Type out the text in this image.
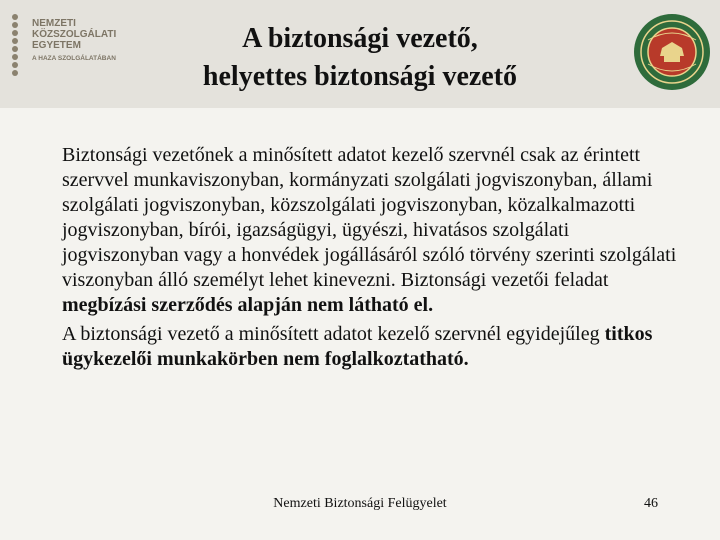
NEMZETI
KÖZSZOLGÁLATI
EGYETEM
A HAZA SZOLGÁLATÁBAN
A biztonsági vezető,
helyettes biztonsági vezető

Biztonsági vezetőnek a minősített adatot kezelő szervnél csak az érintett szervvel munkaviszonyban, kormányzati szolgálati jogviszonyban, állami szolgálati jogviszonyban, közszolgálati jogviszonyban, közalkalmazotti jogviszonyban, bírói, igazságügyi, ügyészi, hivatásos szolgálati jogviszonyban vagy a honvédek jogállásáról szóló törvény szerinti szolgálati viszonyban álló személyt lehet kinevezni. Biztonsági vezetői feladat megbízási szerződés alapján nem látható el.

A biztonsági vezető a minősített adatot kezelő szervnél egyidejűleg titkos ügykezelői munkakörben nem foglalkoztatható.

Nemzeti Biztonsági Felügyelet	46
